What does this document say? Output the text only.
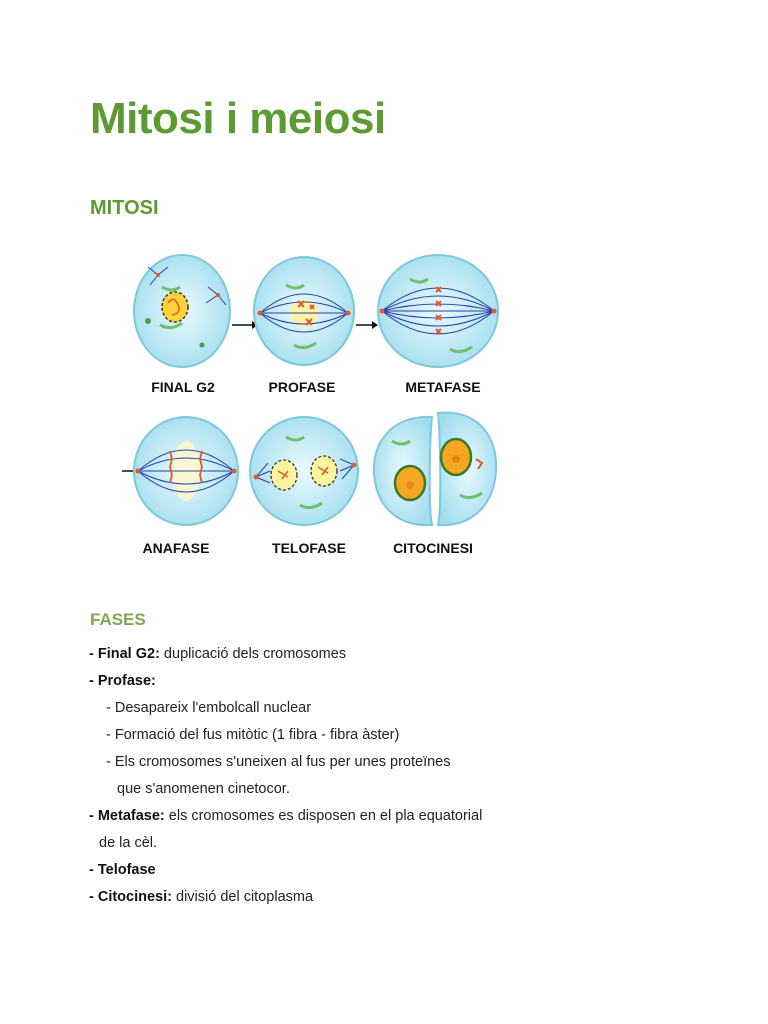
Mitosi i meiosi
MITOSI
FINAL G2	PROFASE	METAFASE
ANAFASE	TELOFASE	CITOCINESI
FASES
- Final G2: duplicació dels cromosomes
- Profase:
- Desapareix l'embolcall nuclear
- Formació del fus mitòtic (1 fibra - fibra àster)
- Els cromosomes s'uneixen al fus per unes proteïnes
que s'anomenen cinetocor.
- Metafase: els cromosomes es disposen en el pla equatorial
de la cèl.
- Telofase
- Citocinesi: divisió del citoplasma
